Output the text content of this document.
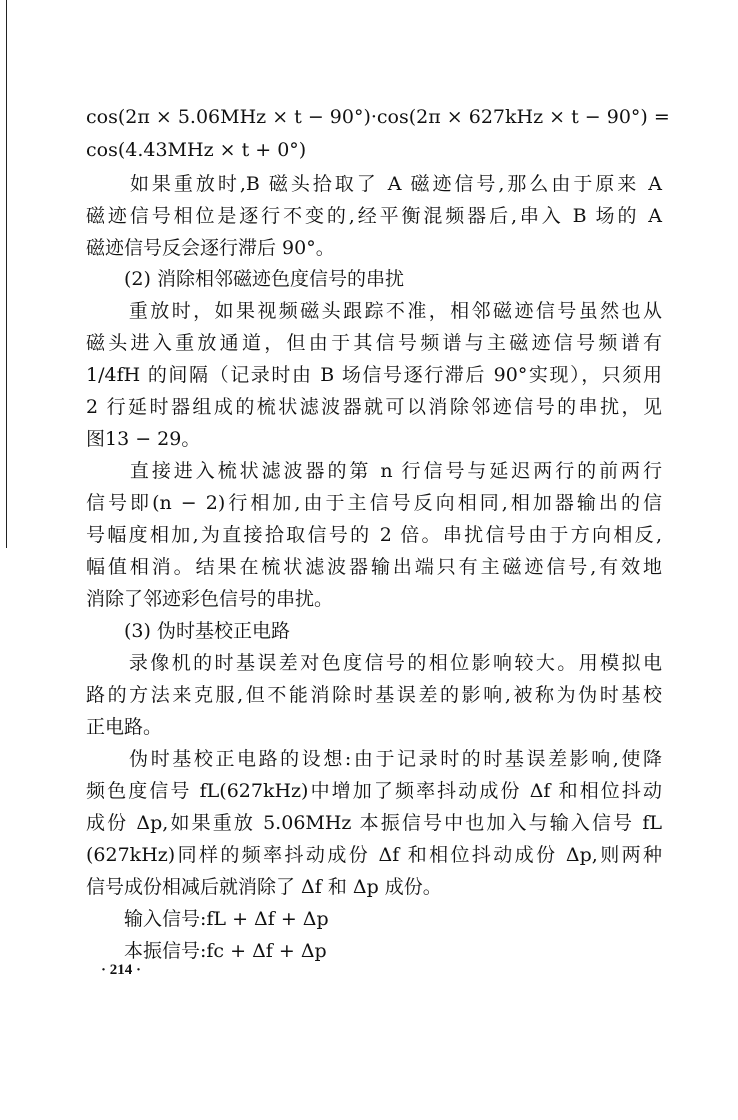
cos(2π × 5.06MHz × t − 90°)·cos(2π × 627kHz × t − 90°) =
cos(4.43MHz × t + 0°)
　　如果重放时,B 磁头拾取了 A 磁迹信号,那么由于原来 A
磁迹信号相位是逐行不变的,经平衡混频器后,串入 B 场的 A
磁迹信号反会逐行滞后 90°。
　　(2) 消除相邻磁迹色度信号的串扰
　　重放时，如果视频磁头跟踪不准，相邻磁迹信号虽然也从
磁头进入重放通道，但由于其信号频谱与主磁迹信号频谱有
1/4fH 的间隔（记录时由 B 场信号逐行滞后 90°实现），只须用
2 行延时器组成的梳状滤波器就可以消除邻迹信号的串扰，见
图13 − 29。
　　直接进入梳状滤波器的第 n 行信号与延迟两行的前两行
信号即(n − 2)行相加,由于主信号反向相同,相加器输出的信
号幅度相加,为直接拾取信号的 2 倍。串扰信号由于方向相反,
幅值相消。结果在梳状滤波器输出端只有主磁迹信号,有效地
消除了邻迹彩色信号的串扰。
　　(3) 伪时基校正电路
　　录像机的时基误差对色度信号的相位影响较大。用模拟电
路的方法来克服,但不能消除时基误差的影响,被称为伪时基校
正电路。
　　伪时基校正电路的设想:由于记录时的时基误差影响,使降
频色度信号 fL(627kHz)中增加了频率抖动成份 Δf 和相位抖动
成份 Δp,如果重放 5.06MHz 本振信号中也加入与输入信号 fL
(627kHz)同样的频率抖动成份 Δf 和相位抖动成份 Δp,则两种
信号成份相减后就消除了 Δf 和 Δp 成份。
　　输入信号:fL + Δf + Δp
　　本振信号:fc + Δf + Δp
· 214 ·
